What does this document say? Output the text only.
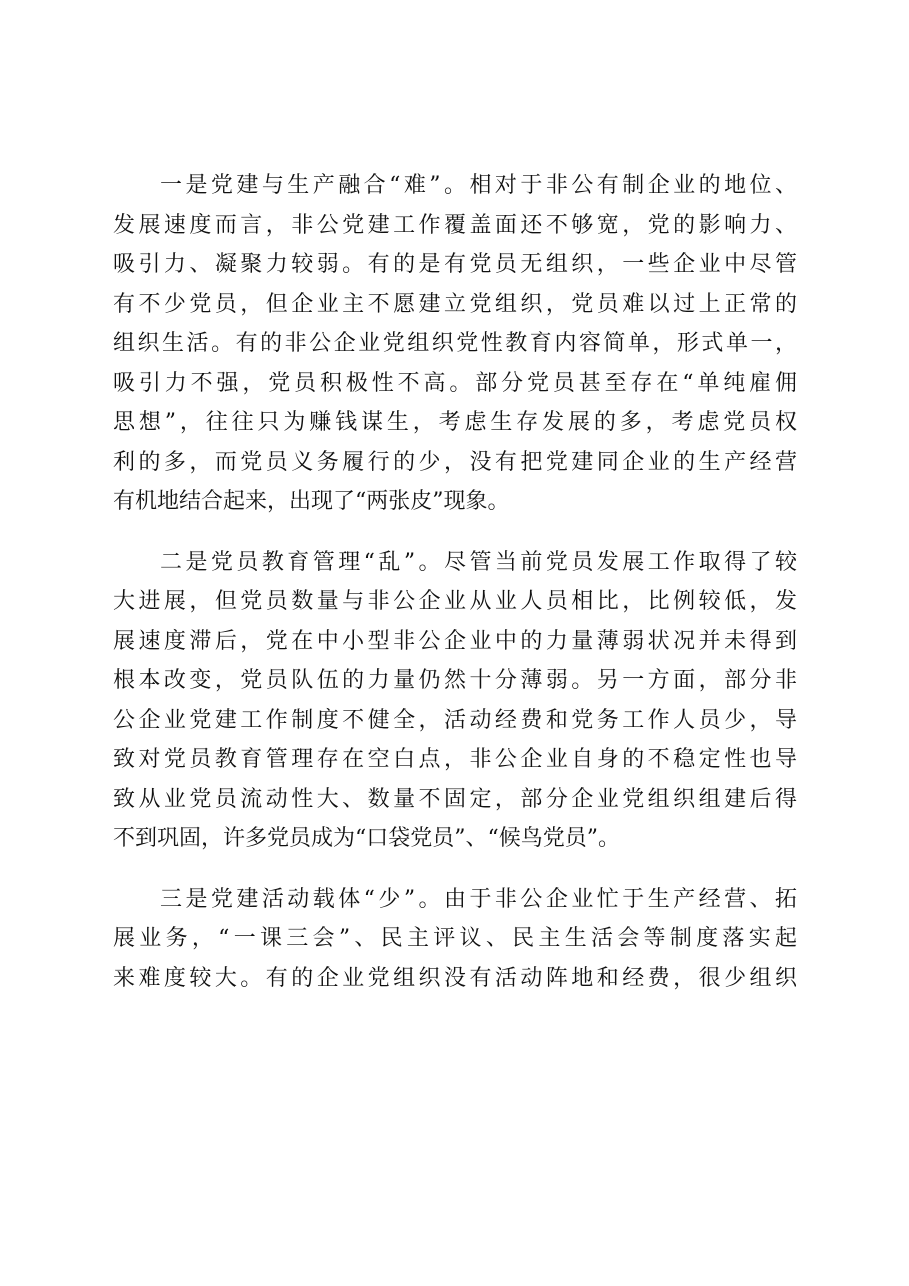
一是党建与生产融合“难”。相对于非公有制企业的地位、
发展速度而言，非公党建工作覆盖面还不够宽，党的影响力、
吸引力、凝聚力较弱。有的是有党员无组织，一些企业中尽管
有不少党员，但企业主不愿建立党组织，党员难以过上正常的
组织生活。有的非公企业党组织党性教育内容简单，形式单一，
吸引力不强，党员积极性不高。部分党员甚至存在“单纯雇佣
思想”，往往只为赚钱谋生，考虑生存发展的多，考虑党员权
利的多，而党员义务履行的少，没有把党建同企业的生产经营
有机地结合起来，出现了“两张皮”现象。
二是党员教育管理“乱”。尽管当前党员发展工作取得了较
大进展，但党员数量与非公企业从业人员相比，比例较低，发
展速度滞后，党在中小型非公企业中的力量薄弱状况并未得到
根本改变，党员队伍的力量仍然十分薄弱。另一方面，部分非
公企业党建工作制度不健全，活动经费和党务工作人员少，导
致对党员教育管理存在空白点，非公企业自身的不稳定性也导
致从业党员流动性大、数量不固定，部分企业党组织组建后得
不到巩固，许多党员成为“口袋党员”、“候鸟党员”。
三是党建活动载体“少”。由于非公企业忙于生产经营、拓
展业务，“一课三会”、民主评议、民主生活会等制度落实起
来难度较大。有的企业党组织没有活动阵地和经费，很少组织
